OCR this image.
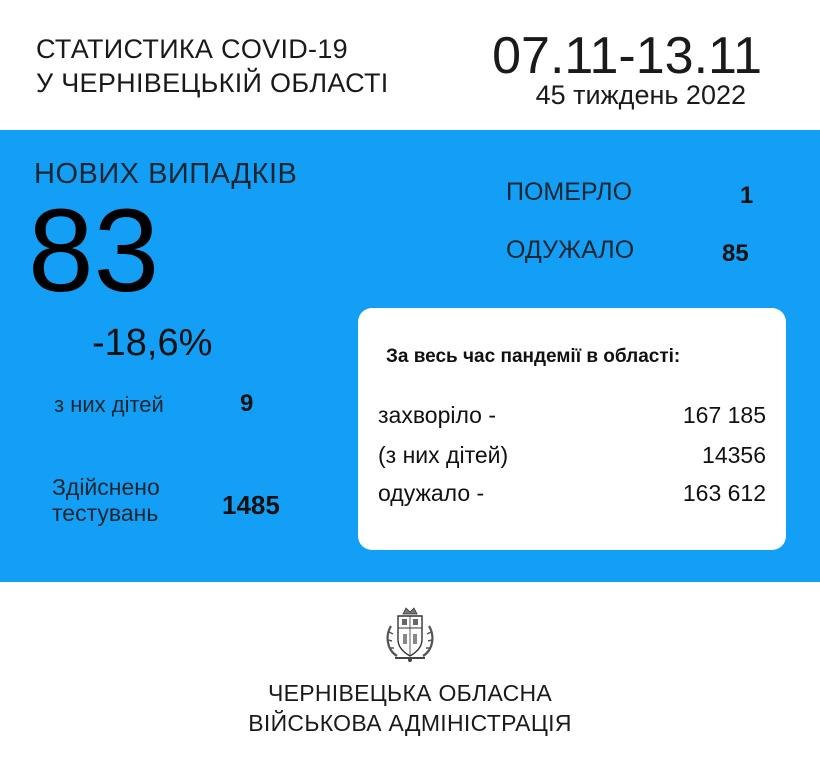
СТАТИСТИКА COVID-19
У ЧЕРНІВЕЦЬКІЙ ОБЛАСТІ 07.11-13.11
45 тиждень 2022
НОВИХ ВИПАДКІВ
83
-18,6%
з них дітей	9
Здійснено тестувань	1485
ПОМЕРЛО	1
ОДУЖАЛО	85
За весь час пандемії в області:
захворіло -	167 185
(з них дітей)	14356
одужало -	163 612
ЧЕРНІВЕЦЬКА ОБЛАСНА
ВІЙСЬКОВА АДМІНІСТРАЦІЯ
